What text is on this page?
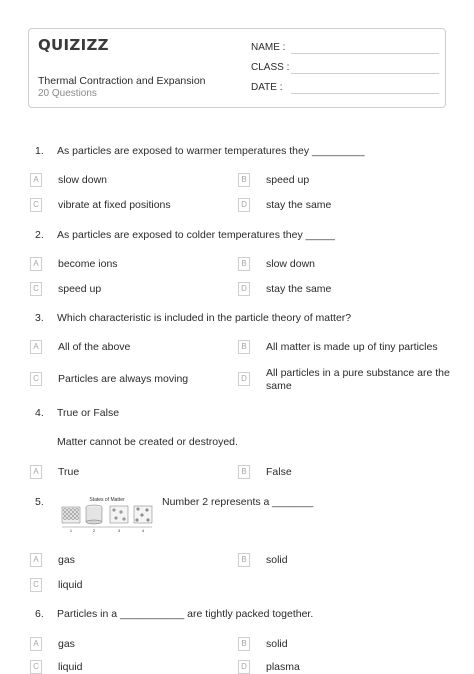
QUIZIZZ
Thermal Contraction and Expansion
20 Questions
NAME :
CLASS :
DATE :
1. As particles are exposed to warmer temperatures they _________
A	slow down	B	speed up
C vibrate at fixed positions	D stay the same
2. As particles are exposed to colder temperatures they _____
A	become ions	B	slow down
C speed up	D stay the same
3. Which characteristic is included in the particle theory of matter?
A	All of the above	B	All matter is made up of tiny particles
C Particles are always moving	D All particles in a pure substance are the same
4. True or False
Matter cannot be created or destroyed.
A	True	B	False
5.	Number 2 represents a _______
States of Matter
1	2	3	4
A	gas	B	solid
C liquid
6. Particles in a ___________ are tightly packed together.
A	gas	B	solid
C liquid	D plasma
